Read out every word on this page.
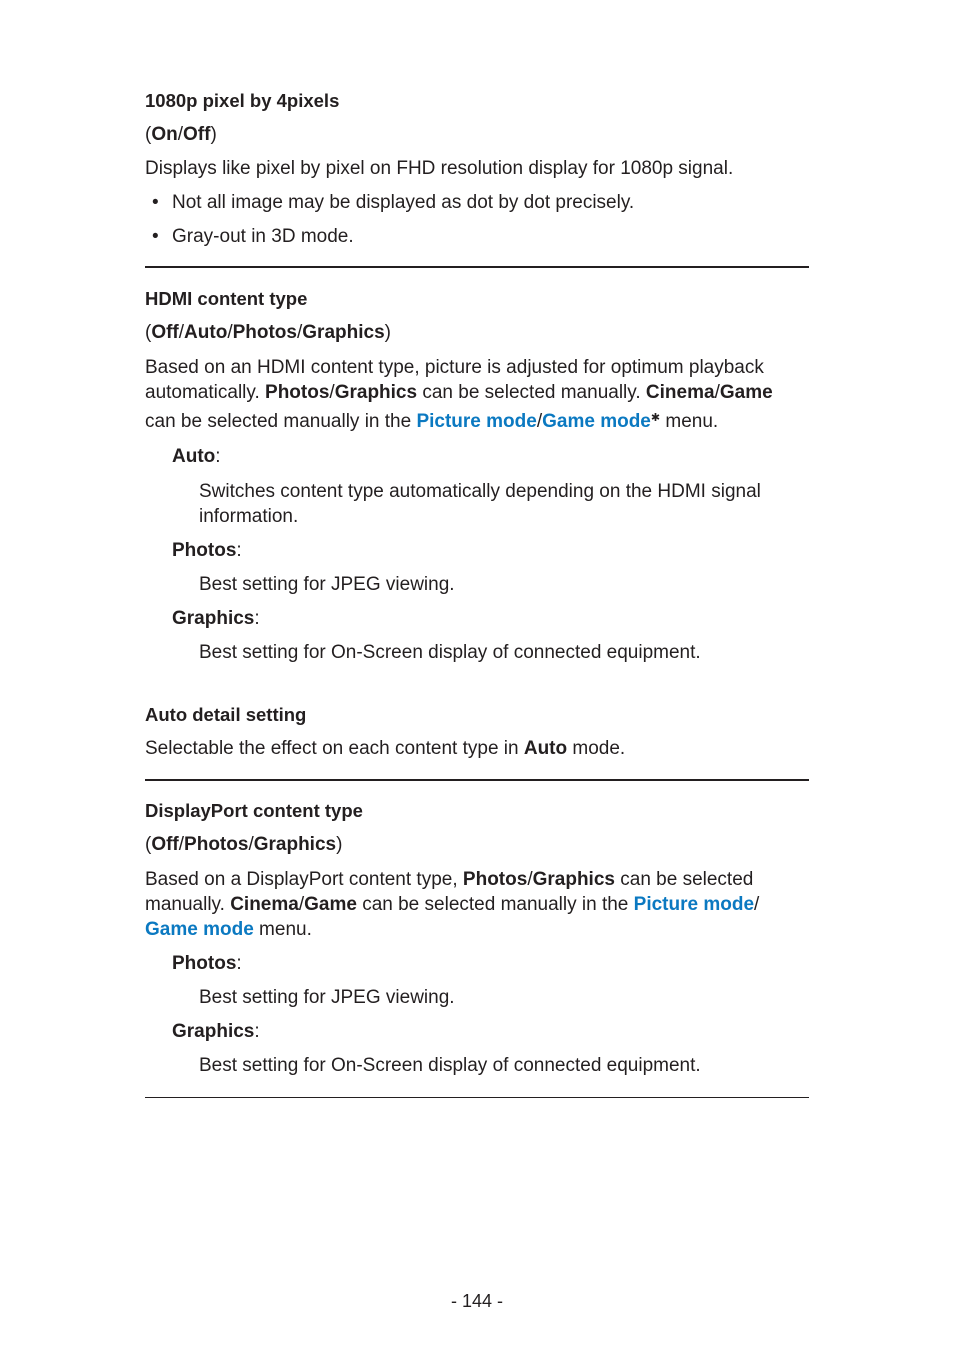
1080p pixel by 4pixels

(On/Off)

Displays like pixel by pixel on FHD resolution display for 1080p signal.

• Not all image may be displayed as dot by dot precisely.

• Gray-out in 3D mode.

HDMI content type

(Off/Auto/Photos/Graphics)

Based on an HDMI content type, picture is adjusted for optimum playback
automatically. Photos/Graphics can be selected manually. Cinema/Game
can be selected manually in the Picture mode/Game mode✱ menu.

Auto:

Switches content type automatically depending on the HDMI signal
information.

Photos:

Best setting for JPEG viewing.

Graphics:

Best setting for On-Screen display of connected equipment.

Auto detail setting

Selectable the effect on each content type in Auto mode.

DisplayPort content type

(Off/Photos/Graphics)

Based on a DisplayPort content type, Photos/Graphics can be selected
manually. Cinema/Game can be selected manually in the Picture mode/
Game mode menu.

Photos:

Best setting for JPEG viewing.

Graphics:

Best setting for On-Screen display of connected equipment.

- 144 -
